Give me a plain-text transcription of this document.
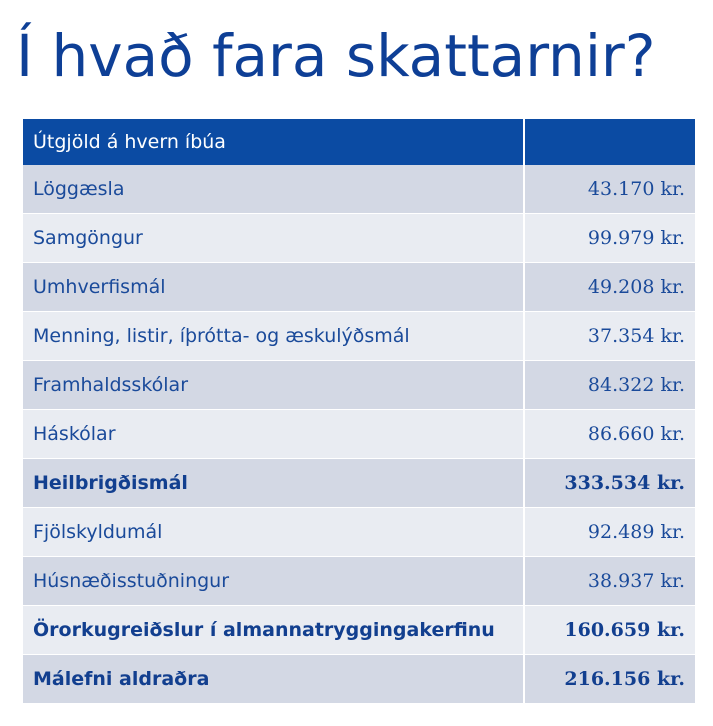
Í hvað fara skattarnir?
Útgjöld á hvern íbúa	
Löggæsla	43.170 kr.
Samgöngur	99.979 kr.
Umhverfismál	49.208 kr.
Menning, listir, íþrótta- og æskulýðsmál	37.354 kr.
Framhaldsskólar	84.322 kr.
Háskólar	86.660 kr.
Heilbrigðismál	333.534 kr.
Fjölskyldumál	92.489 kr.
Húsnæðisstuðningur	38.937 kr.
Örorkugreiðslur í almannatryggingakerfinu	160.659 kr.
Málefni aldraðra	216.156 kr.
